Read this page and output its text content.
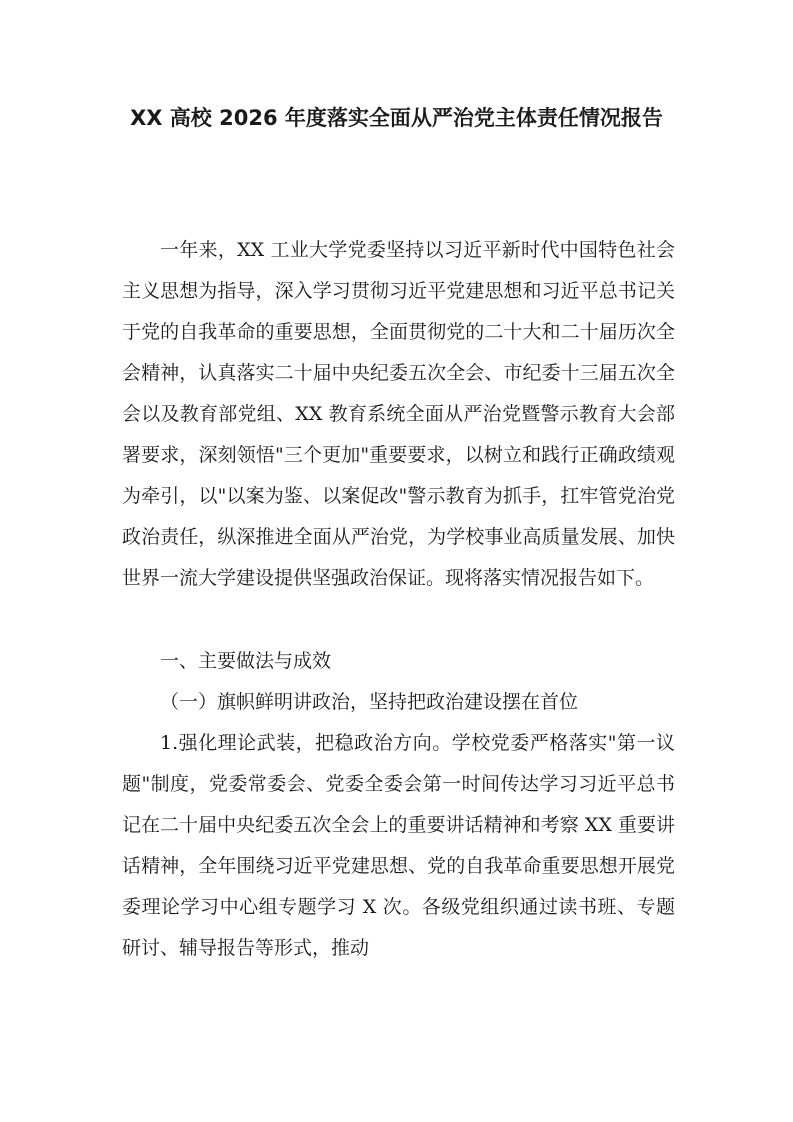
XX 高校 2026 年度落实全面从严治党主体责任情况报告

一年来，XX 工业大学党委坚持以习近平新时代中国特色社会主义思想为指导，深入学习贯彻习近平党建思想和习近平总书记关于党的自我革命的重要思想，全面贯彻党的二十大和二十届历次全会精神，认真落实二十届中央纪委五次全会、市纪委十三届五次全会以及教育部党组、XX 教育系统全面从严治党暨警示教育大会部署要求，深刻领悟"三个更加"重要要求，以树立和践行正确政绩观为牵引，以"以案为鉴、以案促改"警示教育为抓手，扛牢管党治党政治责任，纵深推进全面从严治党，为学校事业高质量发展、加快世界一流大学建设提供坚强政治保证。现将落实情况报告如下。

一、主要做法与成效

（一）旗帜鲜明讲政治，坚持把政治建设摆在首位

1.强化理论武装，把稳政治方向。学校党委严格落实"第一议题"制度，党委常委会、党委全委会第一时间传达学习习近平总书记在二十届中央纪委五次全会上的重要讲话精神和考察 XX 重要讲话精神，全年围绕习近平党建思想、党的自我革命重要思想开展党委理论学习中心组专题学习 X 次。各级党组织通过读书班、专题研讨、辅导报告等形式，推动
